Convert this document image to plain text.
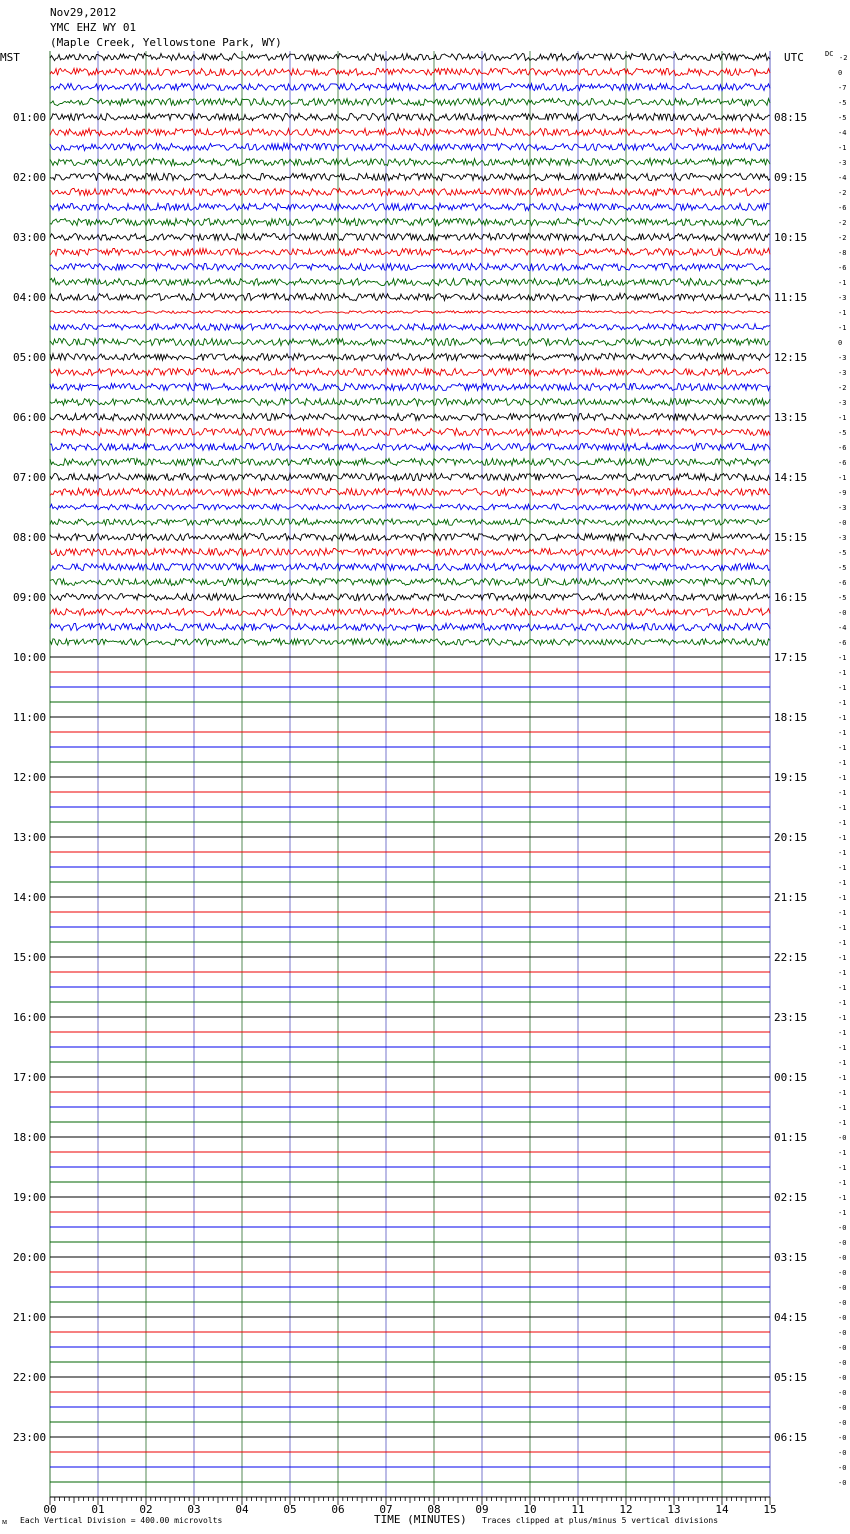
Nov29,2012
YMC EHZ WY 01
(Maple Creek, Yellowstone Park, WY)
MST	UTC	DC
01:00
02:00
03:00
04:00
05:00
06:00
07:00
08:00
09:00
10:00
11:00
12:00
13:00
14:00
15:00
16:00
17:00
18:00
19:00
20:00
21:00
22:00
23:00
08:15
09:15
10:15
11:15
12:15
13:15
14:15
15:15
16:15
17:15
18:15
19:15
20:15
21:15
22:15
23:15
00:15
01:15
02:15
03:15
04:15
05:15
06:15
-2
0
-7
-5
-5
-4
-1
-3
-4
-2
-6
-2
-2
-8
-6
-1
-3
-1
-1
0
-3
-3
-2
-3
-1
-5
-6
-6
-1
-9
-3
-0
-3
-5
-5
-6
-5
-0
-4
-6
-1
-1
-1
-1
-1
-1
-1
-1
-1
-1
-1
-1
-1
-1
-1
-1
-1
-1
-1
-1
-1
-1
-1
-1
-1
-1
-1
-1
-1
-1
-1
-1
-0
-1
-1
-1
-1
-1
-0
-0
-0
-0
-0
-0
-0
-0
-0
-0
-0
-0
-0
-0
-0
-0
-0
-0
00	01	02	03	04	05	06	07	08	09	10	11	12	13	14	15
ᴍ Each Vertical Division = 400.00 microvolts	TIME (MINUTES) Traces clipped at plus/minus 5 vertical divisions
